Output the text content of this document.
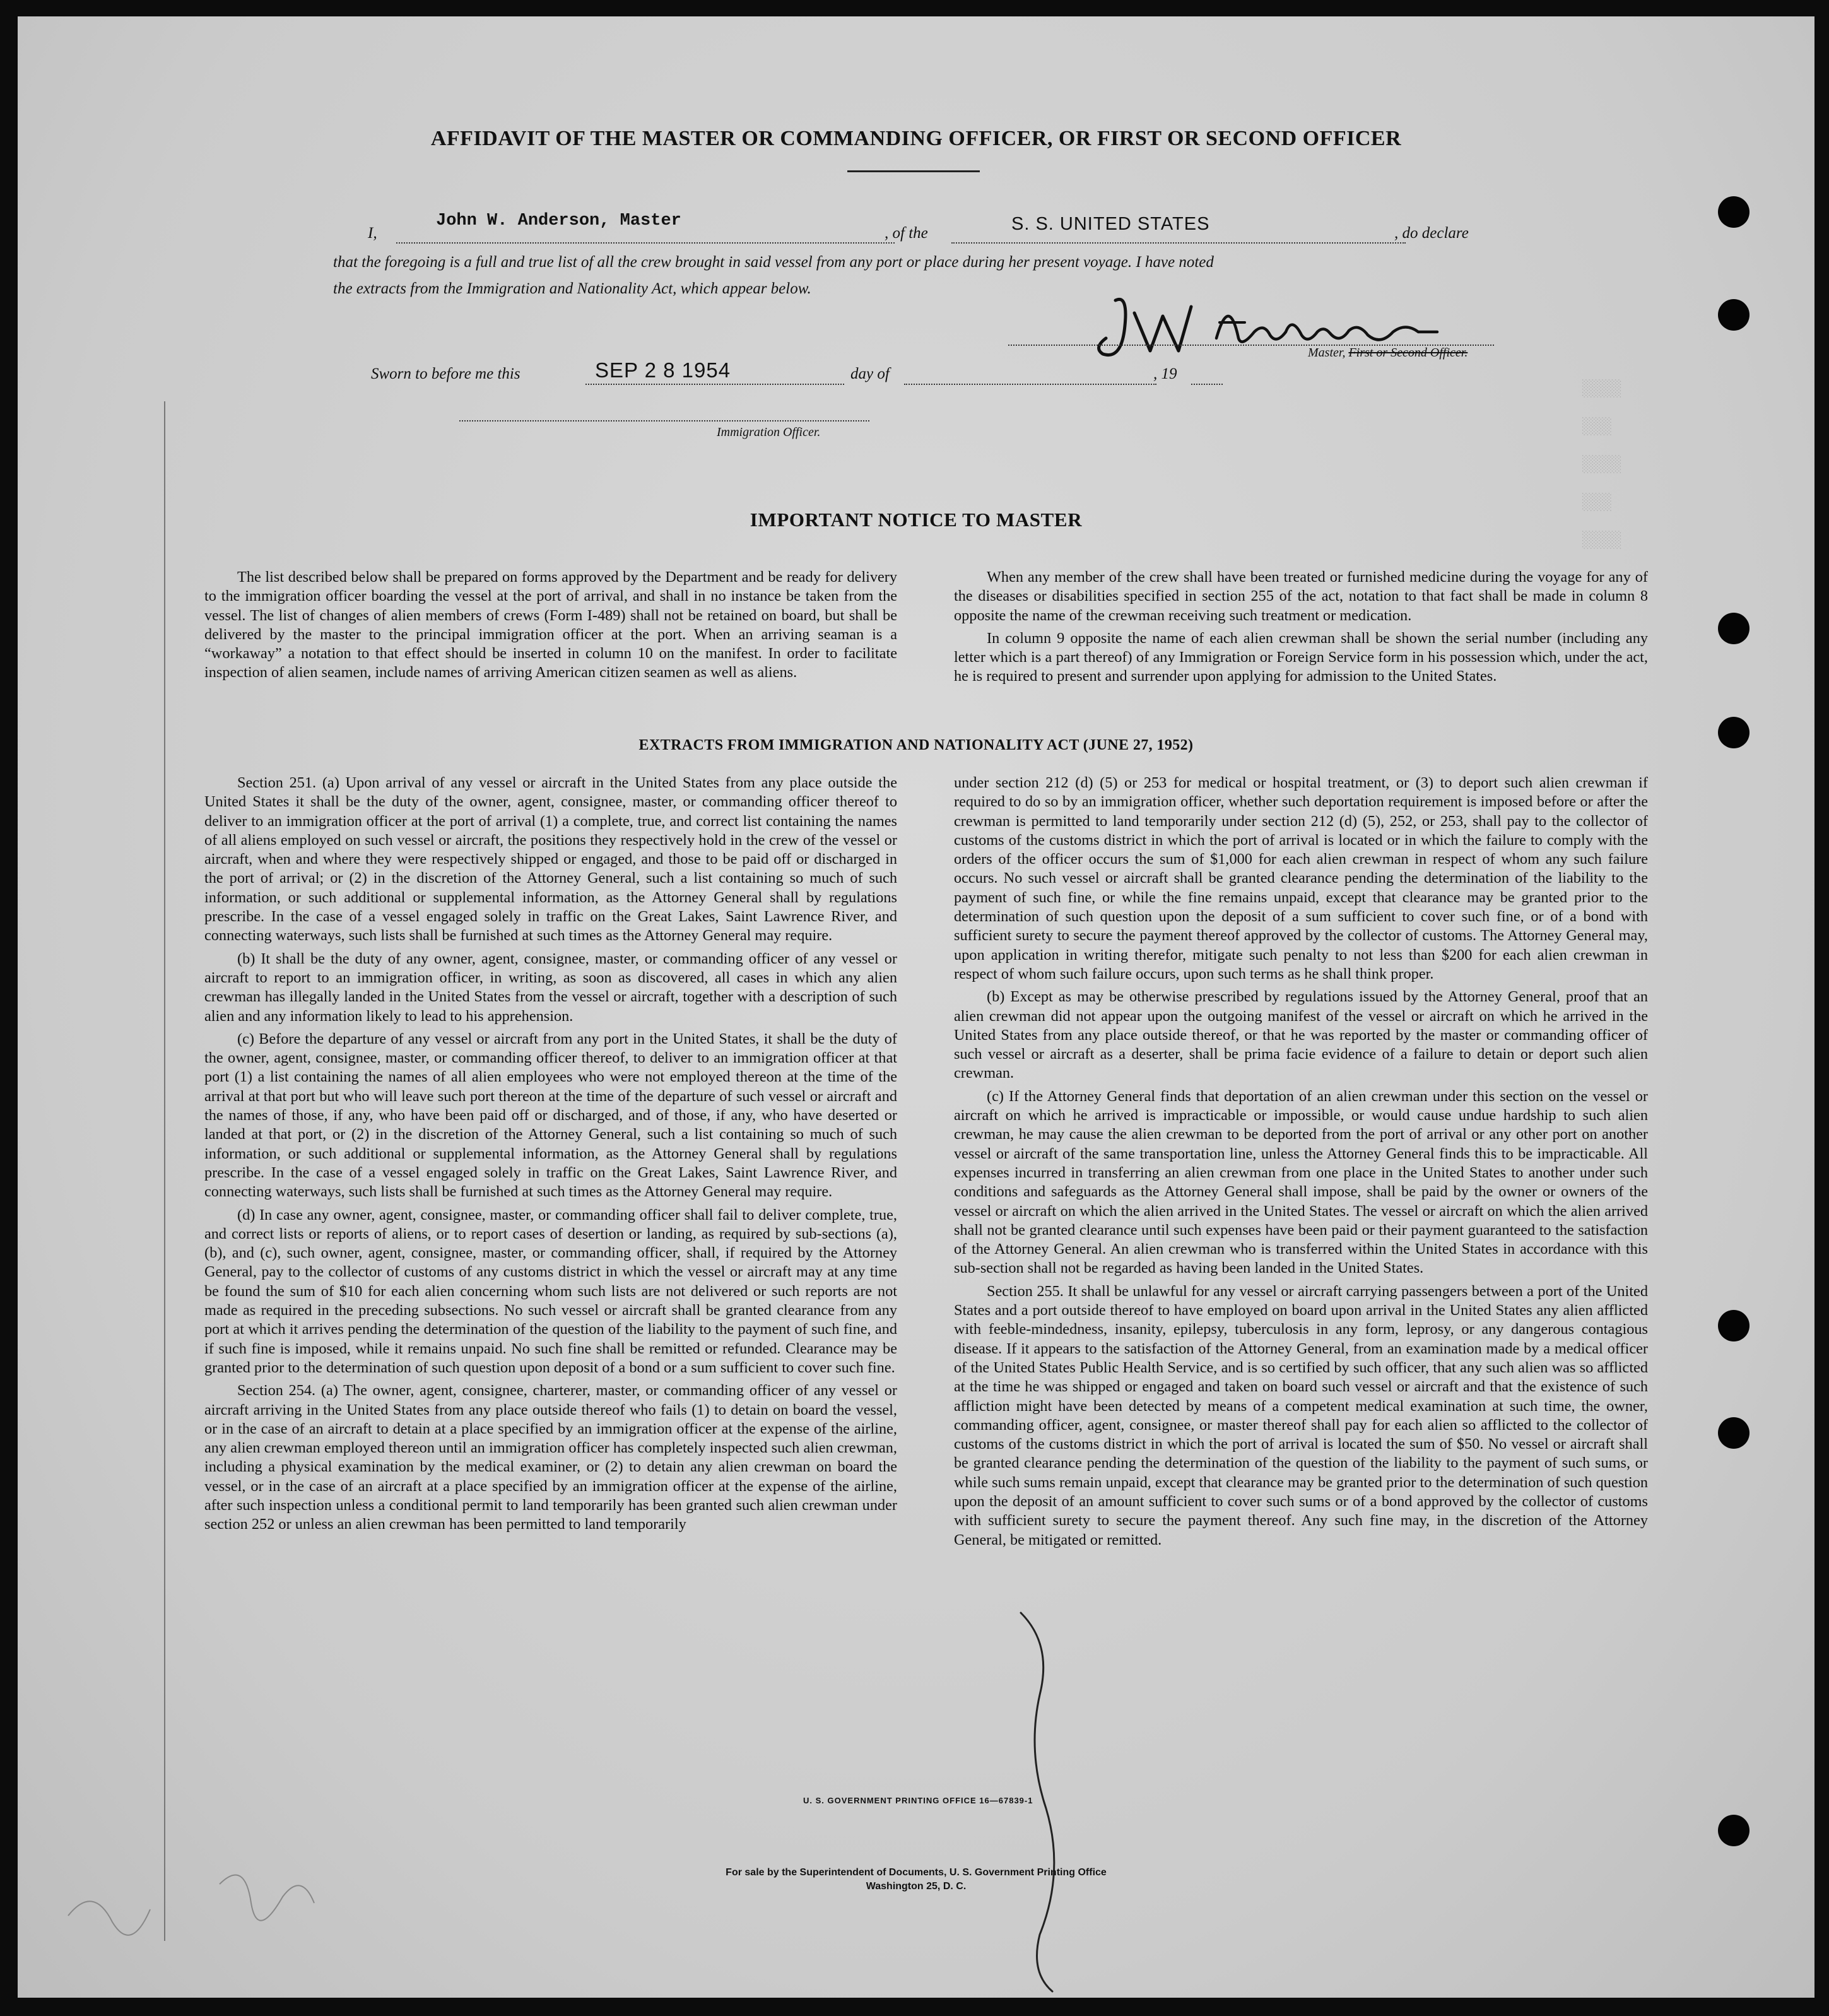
░░░░
░░░
░░░░
░░░
░░░░
AFFIDAVIT OF THE MASTER OR COMMANDING OFFICER, OR FIRST OR SECOND OFFICER
I,
John W. Anderson, Master
, of the	S. S. UNITED STATES	, do declare
that the foregoing is a full and true list of all the crew brought in said vessel from any port or place during her present voyage. I have noted
the extracts from the Immigration and Nationality Act, which appear below.
Master, First or Second Officer.
Sworn to before me this	SEP 2 8 1954	day of	, 19
Immigration Officer.
IMPORTANT NOTICE TO MASTER

The list described below shall be prepared on forms approved by the Department and be ready for delivery to the immigration officer boarding the vessel at the port of arrival, and shall in no instance be taken from the vessel. The list of changes of alien members of crews (Form I-489) shall not be retained on board, but shall be delivered by the master to the principal immigration officer at the port. When an arriving seaman is a “workaway” a notation to that effect should be inserted in column 10 on the manifest. In order to facilitate inspection of alien seamen, include names of arriving American citizen seamen as well as aliens.

When any member of the crew shall have been treated or furnished medicine during the voyage for any of the diseases or disabilities specified in section 255 of the act, notation to that fact shall be made in column 8 opposite the name of the crewman receiving such treatment or medication.

In column 9 opposite the name of each alien crewman shall be shown the serial number (including any letter which is a part thereof) of any Immigration or Foreign Service form in his possession which, under the act, he is required to present and surrender upon applying for admission to the United States.

EXTRACTS FROM IMMIGRATION AND NATIONALITY ACT (JUNE 27, 1952)

Section 251. (a) Upon arrival of any vessel or aircraft in the United States from any place outside the United States it shall be the duty of the owner, agent, consignee, master, or commanding officer thereof to deliver to an immigration officer at the port of arrival (1) a complete, true, and correct list containing the names of all aliens employed on such vessel or aircraft, the positions they respectively hold in the crew of the vessel or aircraft, when and where they were respectively shipped or engaged, and those to be paid off or discharged in the port of arrival; or (2) in the discretion of the Attorney General, such a list containing so much of such information, or such additional or supplemental information, as the Attorney General shall by regulations prescribe. In the case of a vessel engaged solely in traffic on the Great Lakes, Saint Lawrence River, and connecting waterways, such lists shall be furnished at such times as the Attorney General may require.

(b) It shall be the duty of any owner, agent, consignee, master, or commanding officer of any vessel or aircraft to report to an immigration officer, in writing, as soon as discovered, all cases in which any alien crewman has illegally landed in the United States from the vessel or aircraft, together with a description of such alien and any information likely to lead to his apprehension.

(c) Before the departure of any vessel or aircraft from any port in the United States, it shall be the duty of the owner, agent, consignee, master, or commanding officer thereof, to deliver to an immigration officer at that port (1) a list containing the names of all alien employees who were not employed thereon at the time of the arrival at that port but who will leave such port thereon at the time of the departure of such vessel or aircraft and the names of those, if any, who have been paid off or discharged, and of those, if any, who have deserted or landed at that port, or (2) in the discretion of the Attorney General, such a list containing so much of such information, or such additional or supplemental information, as the Attorney General shall by regulations prescribe. In the case of a vessel engaged solely in traffic on the Great Lakes, Saint Lawrence River, and connecting waterways, such lists shall be furnished at such times as the Attorney General may require.

(d) In case any owner, agent, consignee, master, or commanding officer shall fail to deliver complete, true, and correct lists or reports of aliens, or to report cases of desertion or landing, as required by sub-sections (a), (b), and (c), such owner, agent, consignee, master, or commanding officer, shall, if required by the Attorney General, pay to the collector of customs of any customs district in which the vessel or aircraft may at any time be found the sum of $10 for each alien concerning whom such lists are not delivered or such reports are not made as required in the preceding subsections. No such vessel or aircraft shall be granted clearance from any port at which it arrives pending the determination of the question of the liability to the payment of such fine, and if such fine is imposed, while it remains unpaid. No such fine shall be remitted or refunded. Clearance may be granted prior to the determination of such question upon deposit of a bond or a sum sufficient to cover such fine.

Section 254. (a) The owner, agent, consignee, charterer, master, or commanding officer of any vessel or aircraft arriving in the United States from any place outside thereof who fails (1) to detain on board the vessel, or in the case of an aircraft to detain at a place specified by an immigration officer at the expense of the airline, any alien crewman employed thereon until an immigration officer has completely inspected such alien crewman, including a physical examination by the medical examiner, or (2) to detain any alien crewman on board the vessel, or in the case of an aircraft at a place specified by an immigration officer at the expense of the airline, after such inspection unless a conditional permit to land temporarily has been granted such alien crewman under section 252 or unless an alien crewman has been permitted to land temporarily

under section 212 (d) (5) or 253 for medical or hospital treatment, or (3) to deport such alien crewman if required to do so by an immigration officer, whether such deportation requirement is imposed before or after the crewman is permitted to land temporarily under section 212 (d) (5), 252, or 253, shall pay to the collector of customs of the customs district in which the port of arrival is located or in which the failure to comply with the orders of the officer occurs the sum of $1,000 for each alien crewman in respect of whom any such failure occurs. No such vessel or aircraft shall be granted clearance pending the determination of the liability to the payment of such fine, or while the fine remains unpaid, except that clearance may be granted prior to the determination of such question upon the deposit of a sum sufficient to cover such fine, or of a bond with sufficient surety to secure the payment thereof approved by the collector of customs. The Attorney General may, upon application in writing therefor, mitigate such penalty to not less than $200 for each alien crewman in respect of whom such failure occurs, upon such terms as he shall think proper.

(b) Except as may be otherwise prescribed by regulations issued by the Attorney General, proof that an alien crewman did not appear upon the outgoing manifest of the vessel or aircraft on which he arrived in the United States from any place outside thereof, or that he was reported by the master or commanding officer of such vessel or aircraft as a deserter, shall be prima facie evidence of a failure to detain or deport such alien crewman.

(c) If the Attorney General finds that deportation of an alien crewman under this section on the vessel or aircraft on which he arrived is impracticable or impossible, or would cause undue hardship to such alien crewman, he may cause the alien crewman to be deported from the port of arrival or any other port on another vessel or aircraft of the same transportation line, unless the Attorney General finds this to be impracticable. All expenses incurred in transferring an alien crewman from one place in the United States to another under such conditions and safeguards as the Attorney General shall impose, shall be paid by the owner or owners of the vessel or aircraft on which the alien arrived in the United States. The vessel or aircraft on which the alien arrived shall not be granted clearance until such expenses have been paid or their payment guaranteed to the satisfaction of the Attorney General. An alien crewman who is transferred within the United States in accordance with this sub-section shall not be regarded as having been landed in the United States.

Section 255. It shall be unlawful for any vessel or aircraft carrying passengers between a port of the United States and a port outside thereof to have employed on board upon arrival in the United States any alien afflicted with feeble-mindedness, insanity, epilepsy, tuberculosis in any form, leprosy, or any dangerous contagious disease. If it appears to the satisfaction of the Attorney General, from an examination made by a medical officer of the United States Public Health Service, and is so certified by such officer, that any such alien was so afflicted at the time he was shipped or engaged and taken on board such vessel or aircraft and that the existence of such affliction might have been detected by means of a competent medical examination at such time, the owner, commanding officer, agent, consignee, or master thereof shall pay for each alien so afflicted to the collector of customs of the customs district in which the port of arrival is located the sum of $50. No vessel or aircraft shall be granted clearance pending the determination of the question of the liability to the payment of such sums, or while such sums remain unpaid, except that clearance may be granted prior to the determination of such question upon the deposit of an amount sufficient to cover such sums or of a bond approved by the collector of customs with sufficient surety to secure the payment thereof. Any such fine may, in the discretion of the Attorney General, be mitigated or remitted.

U. S. GOVERNMENT PRINTING OFFICE 16—67839-1
For sale by the Superintendent of Documents, U. S. Government Printing Office
Washington 25, D. C.
